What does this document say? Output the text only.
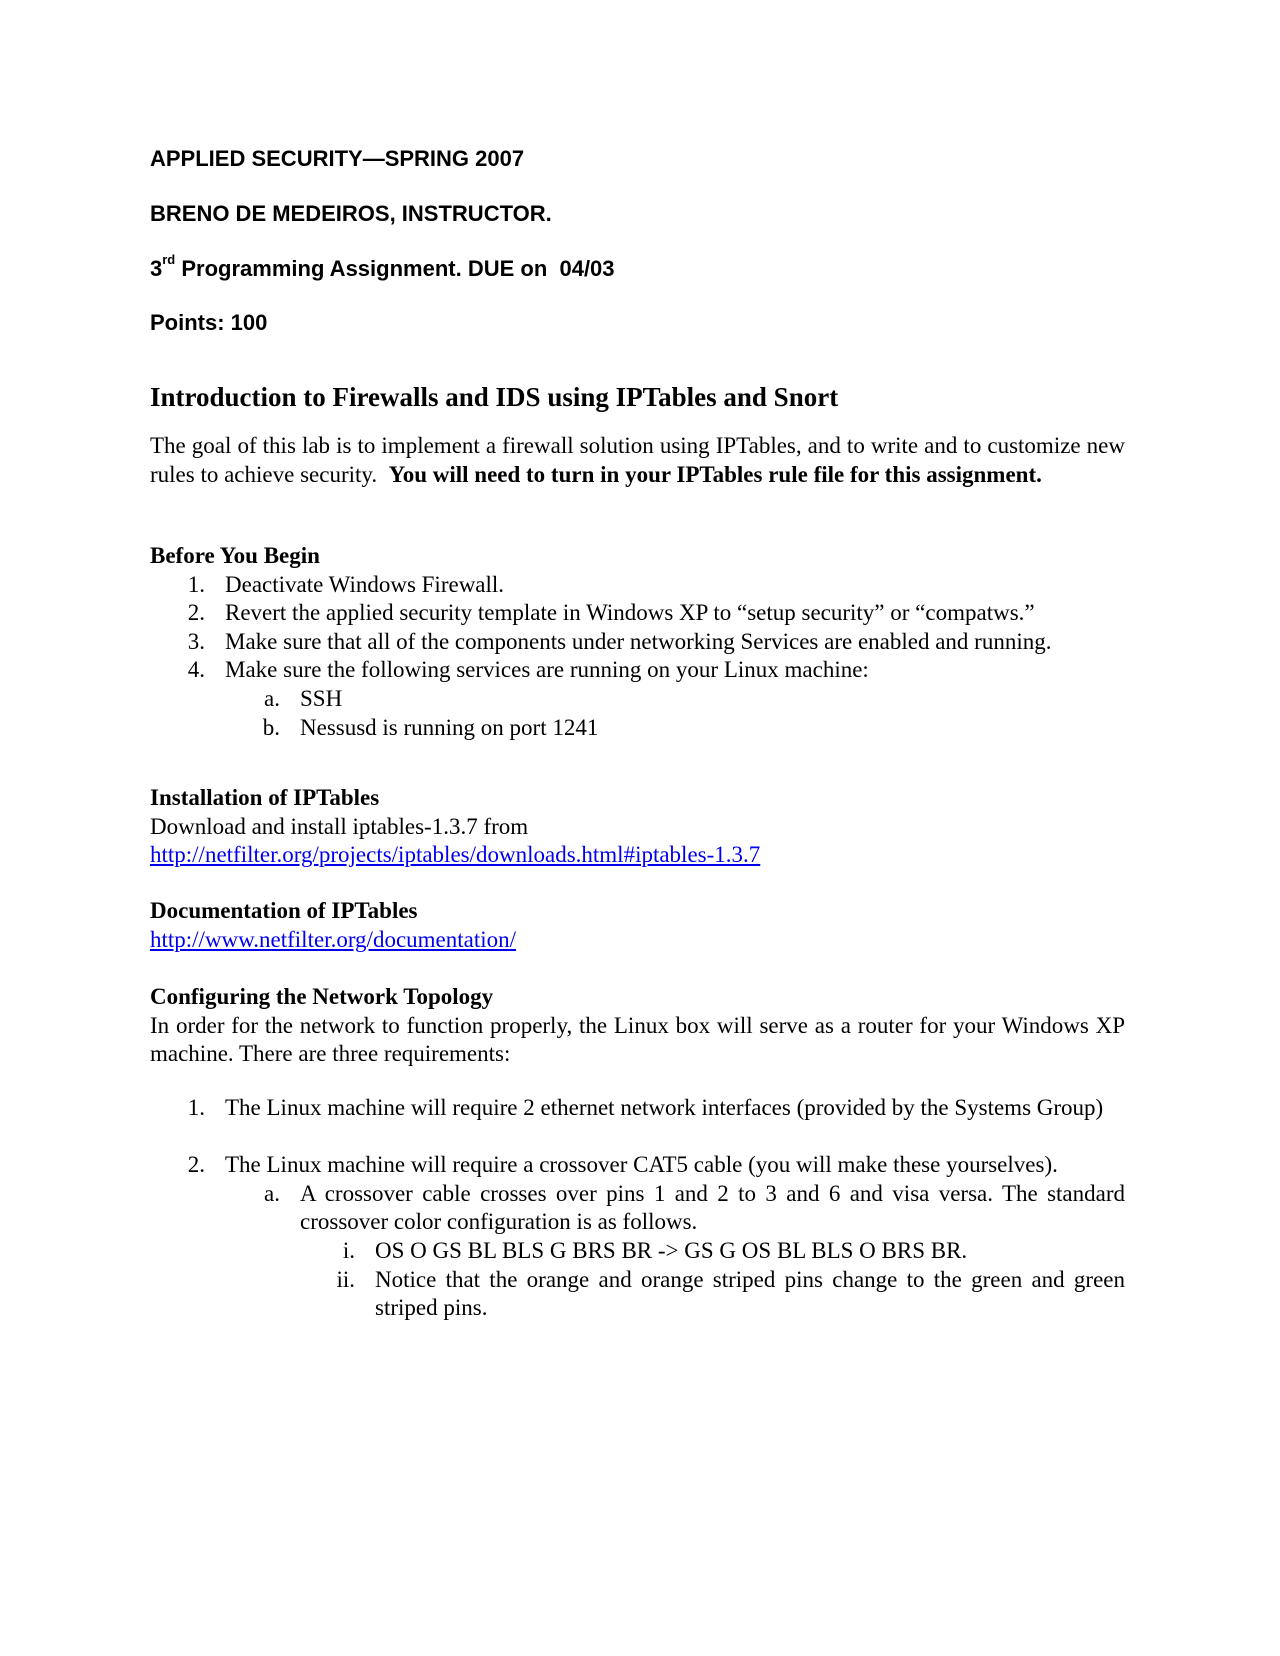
APPLIED SECURITY—SPRING 2007
BRENO DE MEDEIROS, INSTRUCTOR.
3rd Programming Assignment. DUE on  04/03
Points: 100
Introduction to Firewalls and IDS using IPTables and Snort
The goal of this lab is to implement a firewall solution using IPTables, and to write and to customize new rules to achieve security.  You will need to turn in your IPTables rule file for this assignment.
Before You Begin
1. Deactivate Windows Firewall.
2. Revert the applied security template in Windows XP to “setup security” or “compatws.”
3. Make sure that all of the components under networking Services are enabled and running.
4. Make sure the following services are running on your Linux machine:
a. SSH
b. Nessusd is running on port 1241
Installation of IPTables
Download and install iptables-1.3.7 from
http://netfilter.org/projects/iptables/downloads.html#iptables-1.3.7
Documentation of IPTables
http://www.netfilter.org/documentation/
Configuring the Network Topology
In order for the network to function properly, the Linux box will serve as a router for your Windows XP machine. There are three requirements:
1. The Linux machine will require 2 ethernet network interfaces (provided by the Systems Group)
2. The Linux machine will require a crossover CAT5 cable (you will make these yourselves).
a. A crossover cable crosses over pins 1 and 2 to 3 and 6 and visa versa. The standard crossover color configuration is as follows.
i. OS O GS BL BLS G BRS BR -> GS G OS BL BLS O BRS BR.
ii. Notice that the orange and orange striped pins change to the green and green striped pins.
